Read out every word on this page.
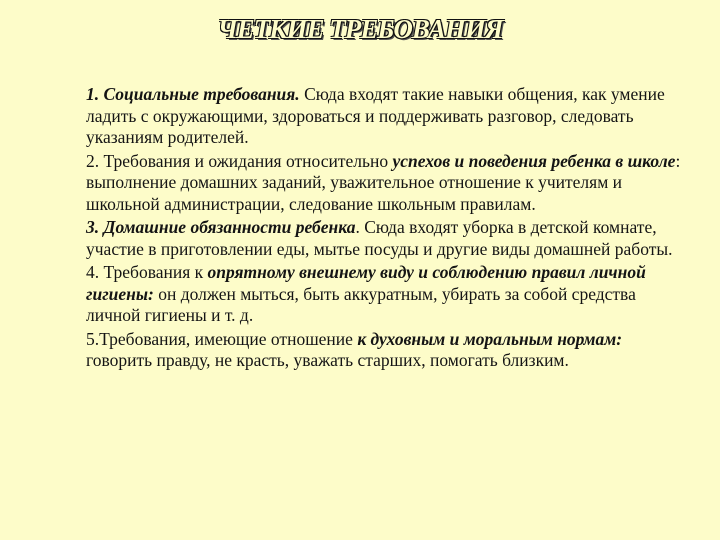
ЧЕТКИЕ ТРЕБОВАНИЯ

1. Социальные требования. Сюда входят такие навыки общения, как умение ладить с окружающими, здороваться и поддерживать разговор, следовать указаниям родителей.

2. Требования и ожидания относительно успехов и поведения ребенка в школе: выполнение домашних заданий, уважительное отношение к учителям и школьной администрации, следование школьным правилам.

3. Домашние обязанности ребенка. Сюда входят уборка в детской комнате, участие в приготовлении еды, мытье посуды и другие виды домашней работы.

4. Требования к опрятному внешнему виду и соблюдению правил личной гигиены: он должен мыться, быть аккуратным, убирать за собой средства личной гигиены и т. д.

5.Требования, имеющие отношение к духовным и моральным нормам: говорить правду, не красть, уважать старших, помогать близким.
